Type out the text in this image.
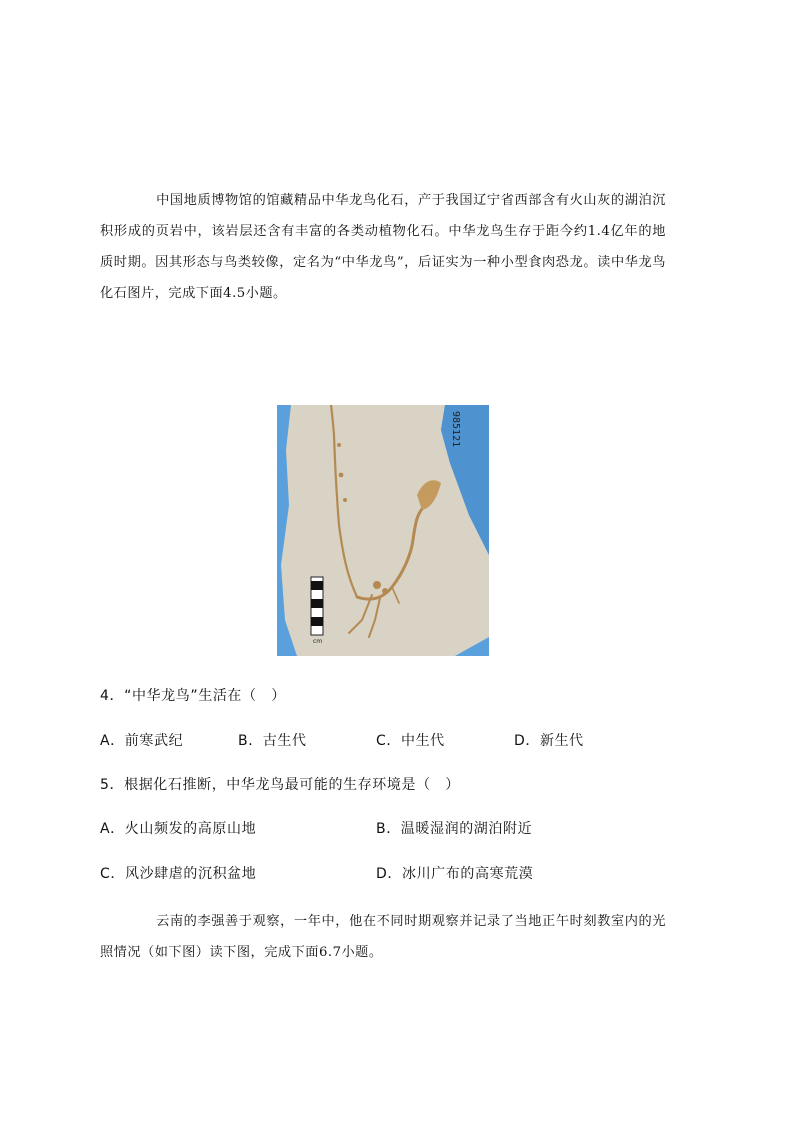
中国地质博物馆的馆藏精品中华龙鸟化石，产于我国辽宁省西部含有火山灰的湖泊沉积形成的页岩中，该岩层还含有丰富的各类动植物化石。中华龙鸟生存于距今约1.4亿年的地质时期。因其形态与鸟类较像，定名为“中华龙鸟”，后证实为一种小型食肉恐龙。读中华龙鸟化石图片，完成下面4.5小题。
cm
985121
4．“中华龙鸟”生活在（　）
A．前寒武纪	B．古生代	C．中生代	D．新生代
5．根据化石推断，中华龙鸟最可能的生存环境是（　）
A．火山频发的高原山地	B．温暖湿润的湖泊附近
C．风沙肆虐的沉积盆地	D．冰川广布的高寒荒漠
云南的李强善于观察，一年中，他在不同时期观察并记录了当地正午时刻教室内的光照情况（如下图）读下图，完成下面6.7小题。
